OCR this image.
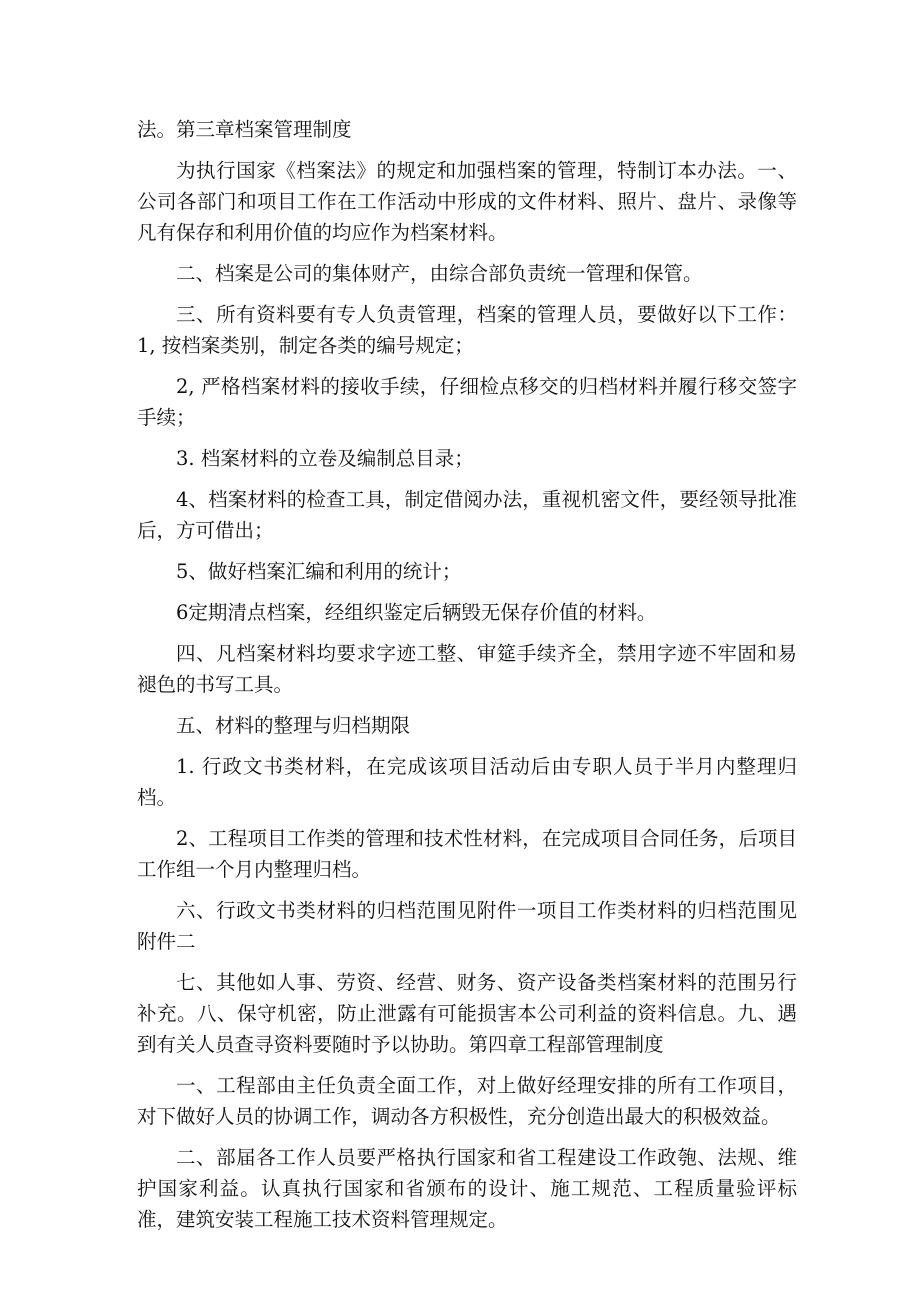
法。第三章档案管理制度

为执行国家《档案法》的规定和加强档案的管理，特制订本办法。一、公司各部门和项目工作在工作活动中形成的文件材料、照片、盘片、录像等凡有保存和利用价值的均应作为档案材料。

二、档案是公司的集体财产，由综合部负责统一管理和保管。

三、所有资料要有专人负责管理，档案的管理人员，要做好以下工作：1, 按档案类别，制定各类的编号规定；

2, 严格档案材料的接收手续，仔细检点移交的归档材料并履行移交签字手续；

3. 档案材料的立卷及编制总目录；

4、档案材料的检查工具，制定借阅办法，重视机密文件，要经领导批准后，方可借出；

5、做好档案汇编和利用的统计；

6定期清点档案，经组织鉴定后辆毁无保存价值的材料。

四、凡档案材料均要求字迹工整、审筵手续齐全，禁用字迹不牢固和易褪色的书写工具。

五、材料的整理与归档期限

1. 行政文书类材料，在完成该项目活动后由专职人员于半月内整理归档。

2、工程项目工作类的管理和技术性材料，在完成项目合同任务，后项目工作组一个月内整理归档。

六、行政文书类材料的归档范围见附件一项目工作类材料的归档范围见附件二

七、其他如人事、劳资、经营、财务、资产设备类档案材料的范围另行补充。八、保守机密，防止泄露有可能损害本公司利益的资料信息。九、遇到有关人员查寻资料要随时予以协助。第四章工程部管理制度

一、工程部由主任负责全面工作，对上做好经理安排的所有工作项目，对下做好人员的协调工作，调动各方积极性，充分创造出最大的积极效益。

二、部届各工作人员要严格执行国家和省工程建设工作政匏、法规、维护国家利益。认真执行国家和省颁布的设计、施工规范、工程质量验评标准，建筑安装工程施工技术资料管理规定。
